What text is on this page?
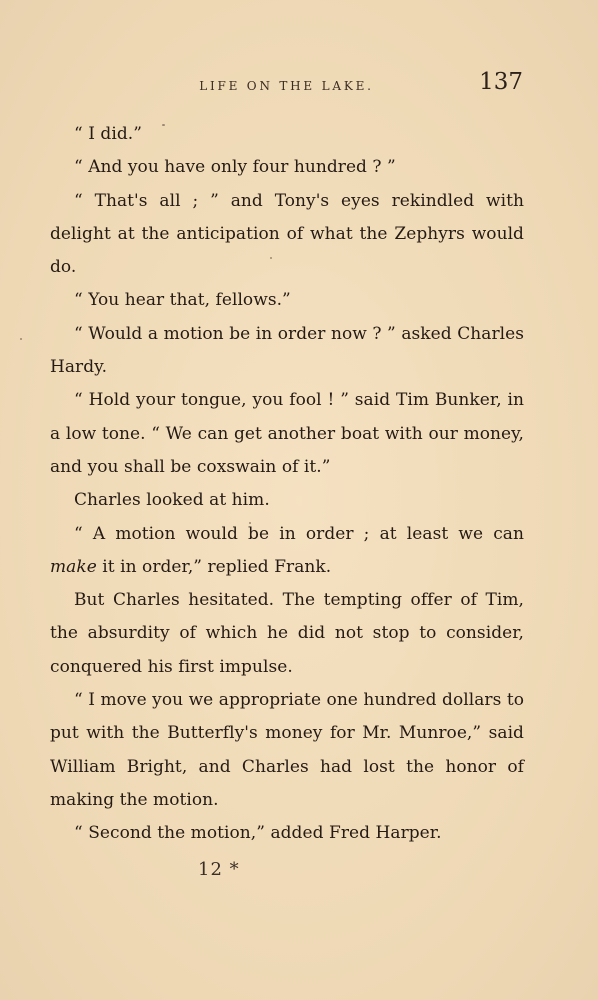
LIFE ON THE LAKE.	137

“ I did.”

“ And you have only four hundred ? ”

“ That's all ; ” and Tony's eyes rekindled with delight at the anticipation of what the Zephyrs would do.

“ You hear that, fellows.”

“ Would a motion be in order now ? ” asked Charles Hardy.

“ Hold your tongue, you fool ! ” said Tim Bunker, in a low tone. “ We can get another boat with our money, and you shall be coxswain of it.”

Charles looked at him.

“ A motion would be in order ; at least we can make it in order,” replied Frank.

But Charles hesitated. The tempting offer of Tim, the absurdity of which he did not stop to consider, conquered his first impulse.

“ I move you we appropriate one hundred dollars to put with the Butterfly's money for Mr. Munroe,” said William Bright, and Charles had lost the honor of making the motion.

“ Second the motion,” added Fred Harper.

12 *
